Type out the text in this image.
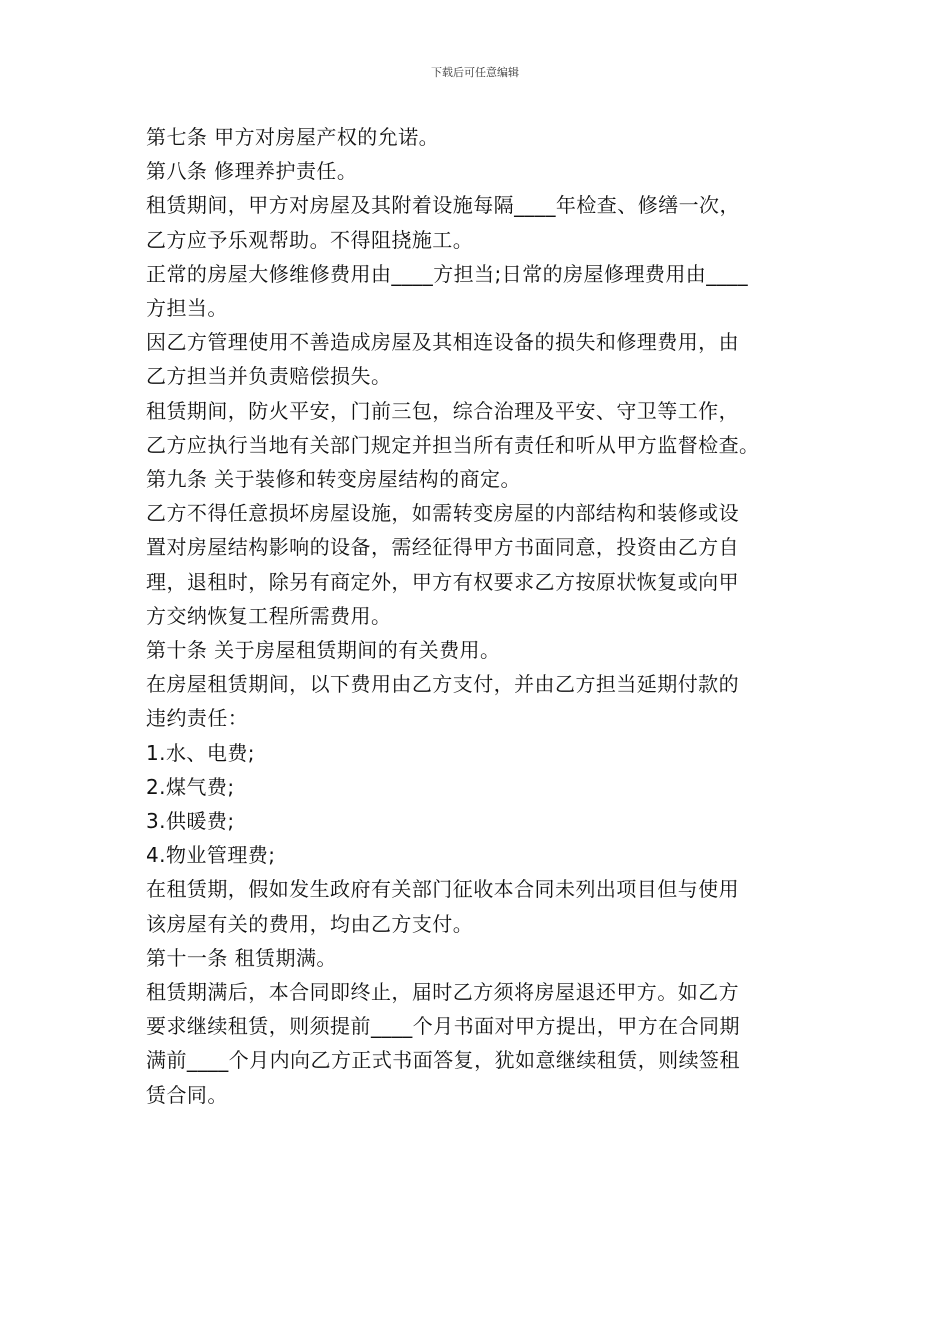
下载后可任意编辑
第七条 甲方对房屋产权的允诺。
第八条 修理养护责任。
租赁期间，甲方对房屋及其附着设施每隔____年检查、修缮一次，
乙方应予乐观帮助。不得阻挠施工。
正常的房屋大修维修费用由____方担当;日常的房屋修理费用由____
方担当。
因乙方管理使用不善造成房屋及其相连设备的损失和修理费用，由
乙方担当并负责赔偿损失。
租赁期间，防火平安，门前三包，综合治理及平安、守卫等工作，
乙方应执行当地有关部门规定并担当所有责任和听从甲方监督检查。
第九条 关于装修和转变房屋结构的商定。
乙方不得任意损坏房屋设施，如需转变房屋的内部结构和装修或设
置对房屋结构影响的设备，需经征得甲方书面同意，投资由乙方自
理，退租时，除另有商定外，甲方有权要求乙方按原状恢复或向甲
方交纳恢复工程所需费用。
第十条 关于房屋租赁期间的有关费用。
在房屋租赁期间，以下费用由乙方支付，并由乙方担当延期付款的
违约责任：
1.水、电费;
2.煤气费;
3.供暖费;
4.物业管理费;
在租赁期，假如发生政府有关部门征收本合同未列出项目但与使用
该房屋有关的费用，均由乙方支付。
第十一条 租赁期满。
租赁期满后，本合同即终止，届时乙方须将房屋退还甲方。如乙方
要求继续租赁，则须提前____个月书面对甲方提出，甲方在合同期
满前____个月内向乙方正式书面答复，犹如意继续租赁，则续签租
赁合同。
